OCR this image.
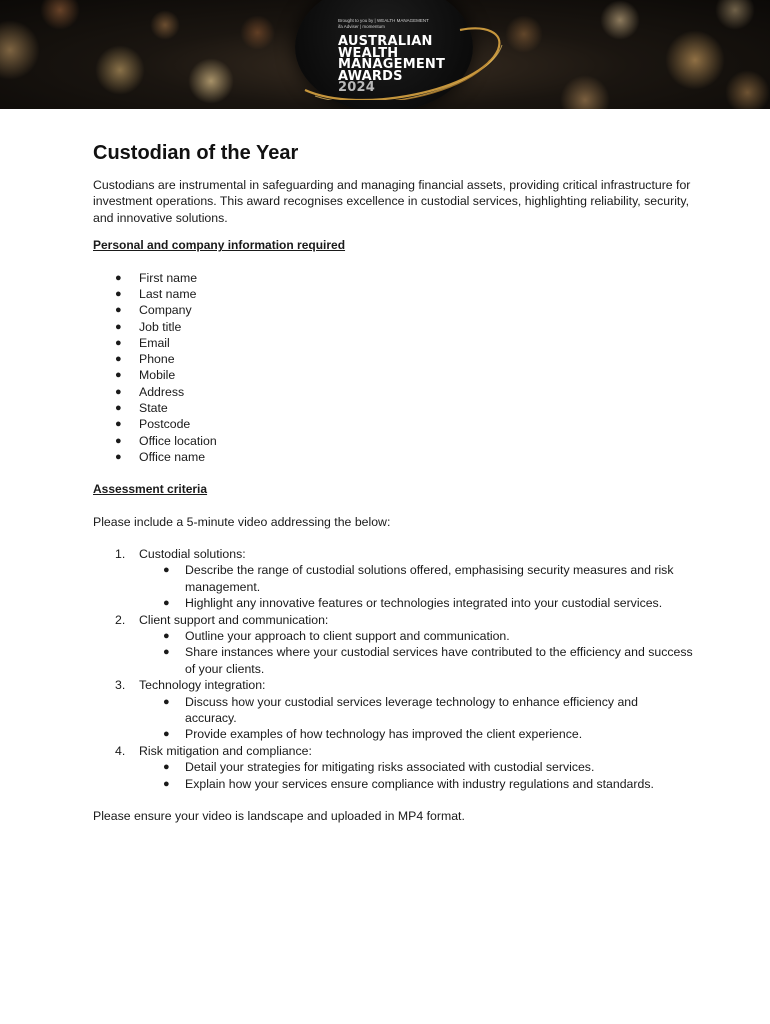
Brought to you by | WEALTH MANAGEMENT
ifa Adviser | momentum
AUSTRALIAN
WEALTH
MANAGEMENT
AWARDS
2024
Custodian of the Year

Custodians are instrumental in safeguarding and managing financial assets, providing critical infrastructure for investment operations. This award recognises excellence in custodial services, highlighting reliability, security, and innovative solutions.

Personal and company information required

● First name
● Last name
● Company
● Job title
● Email
● Phone
● Mobile
● Address
● State
● Postcode
● Office location
● Office name

Assessment criteria

Please include a 5-minute video addressing the below:

1. Custodial solutions:
● Describe the range of custodial solutions offered, emphasising security measures and risk management.
● Highlight any innovative features or technologies integrated into your custodial services.
2. Client support and communication:
● Outline your approach to client support and communication.
● Share instances where your custodial services have contributed to the efficiency and success of your clients.
3. Technology integration:
● Discuss how your custodial services leverage technology to enhance efficiency and accuracy.
● Provide examples of how technology has improved the client experience.
4. Risk mitigation and compliance:
● Detail your strategies for mitigating risks associated with custodial services.
● Explain how your services ensure compliance with industry regulations and standards.

Please ensure your video is landscape and uploaded in MP4 format.
